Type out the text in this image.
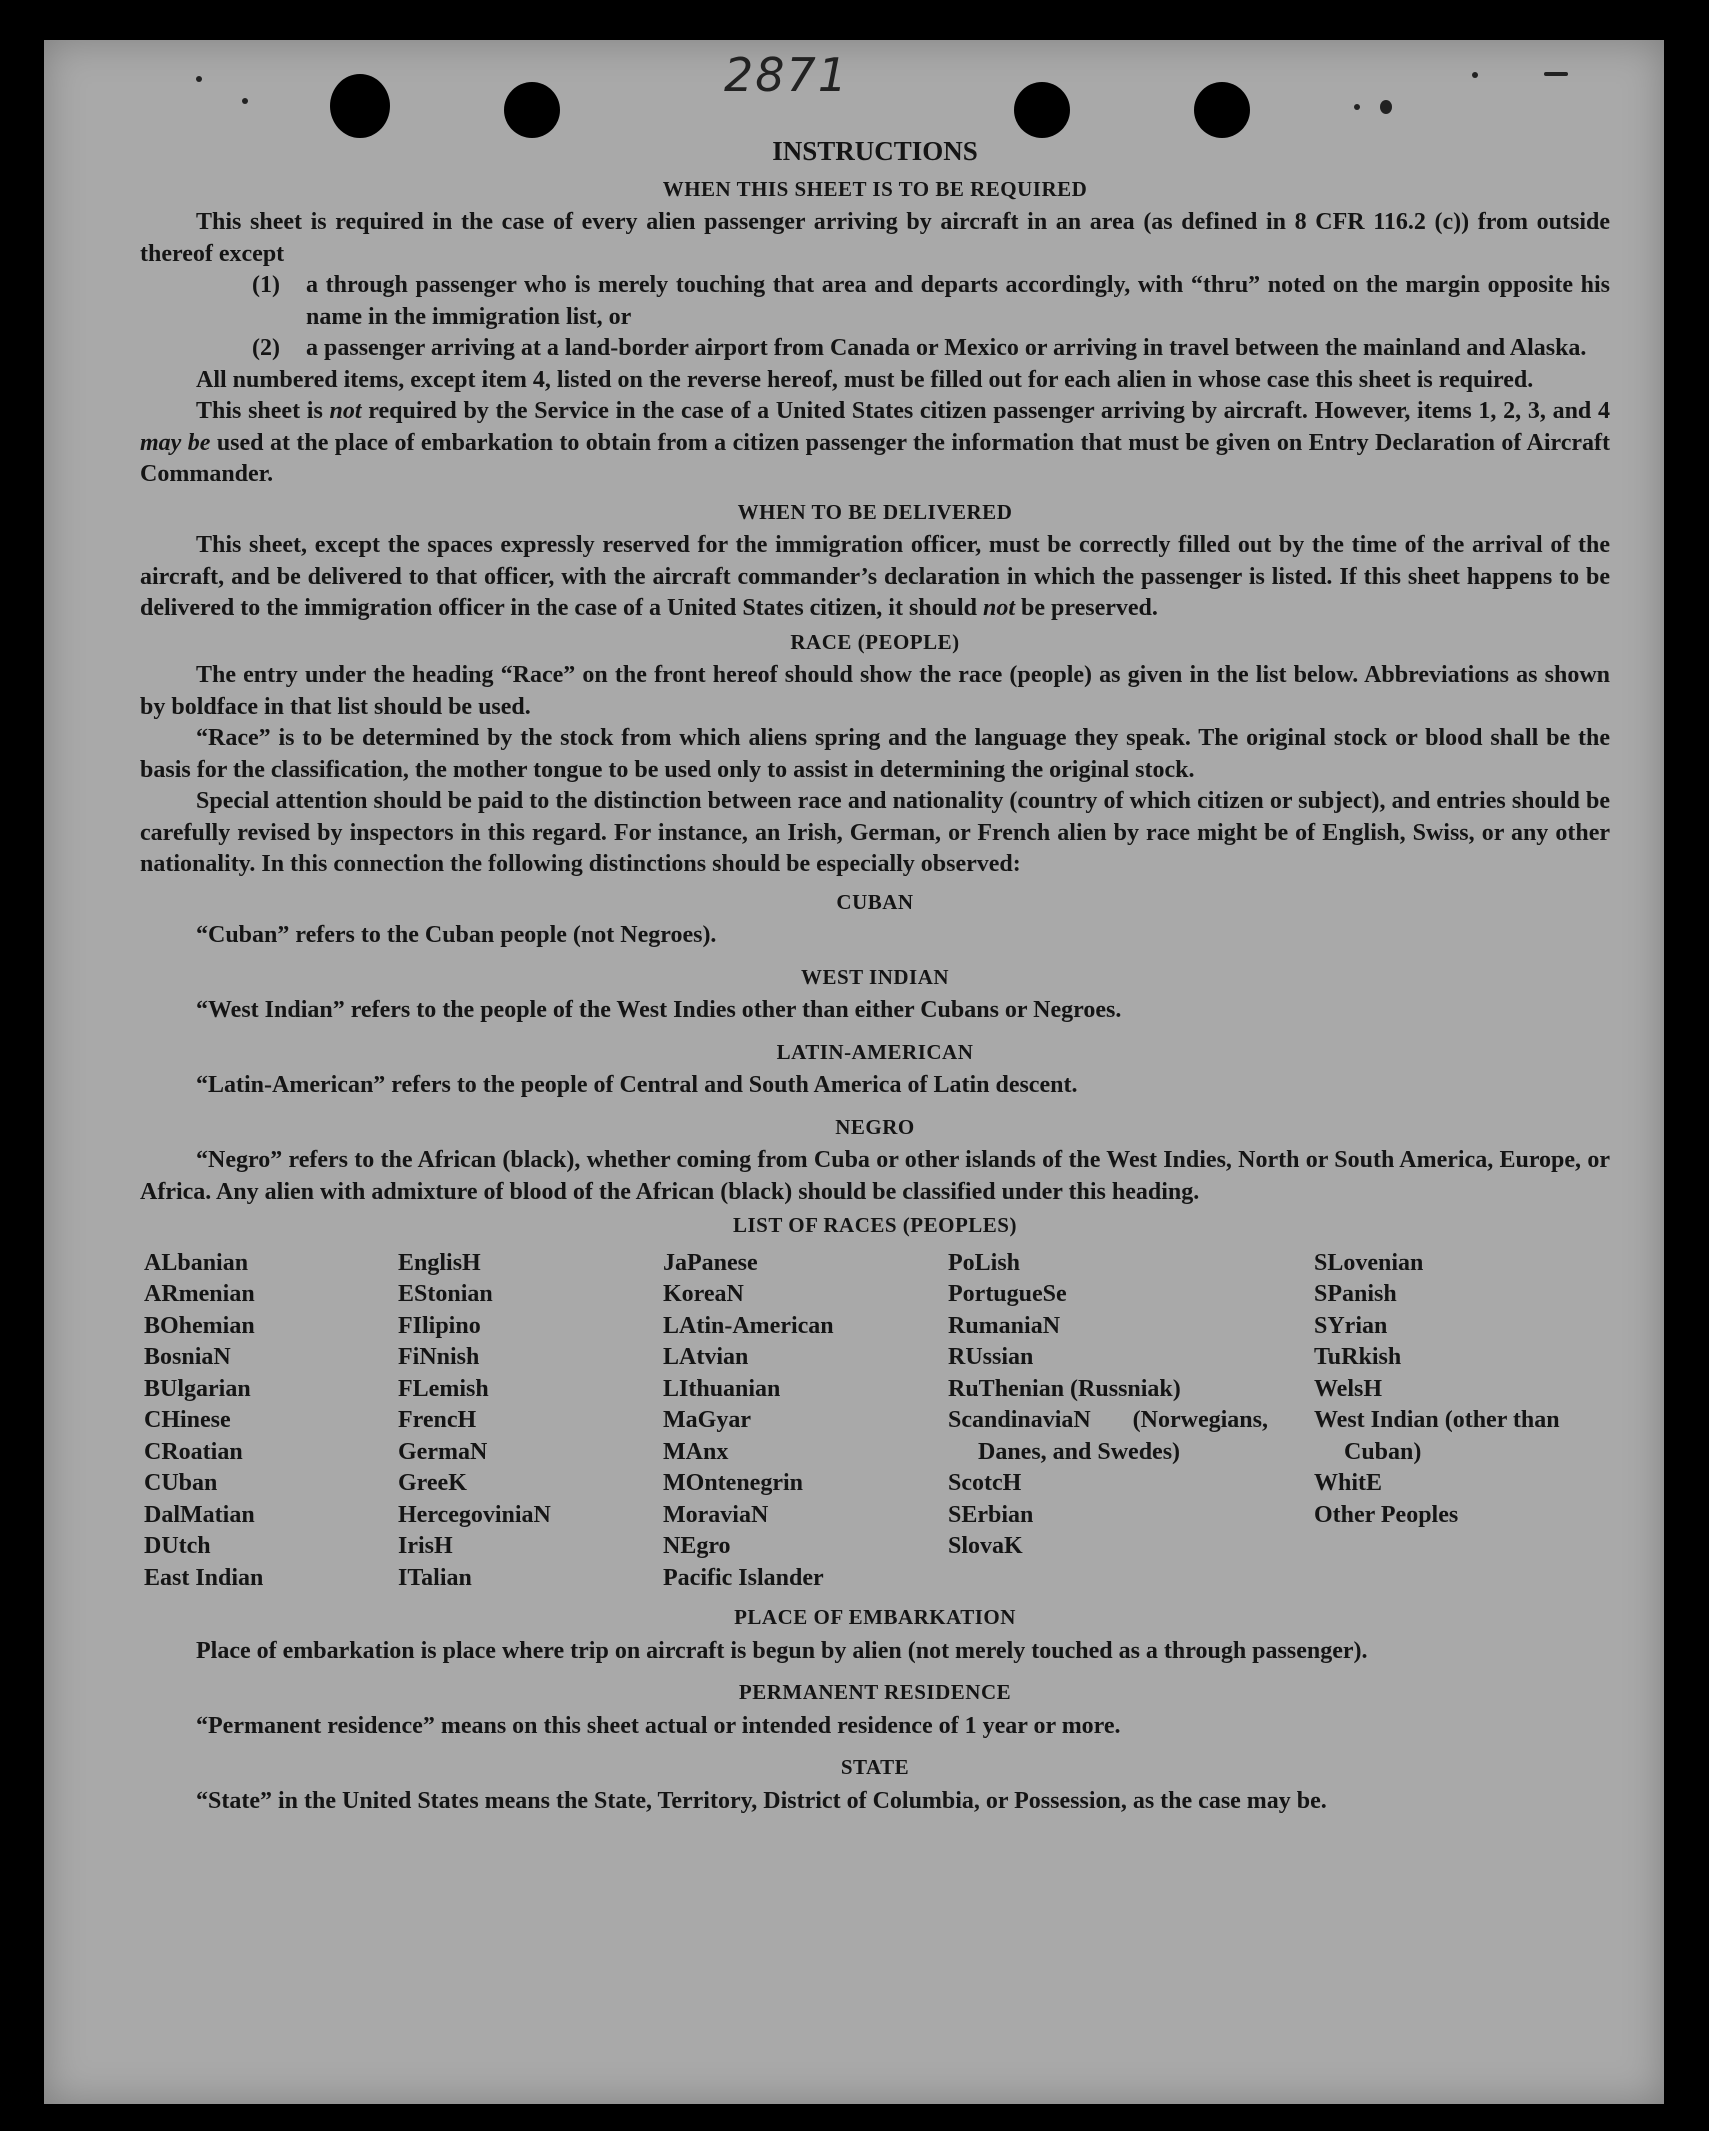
2871
INSTRUCTIONS
WHEN THIS SHEET IS TO BE REQUIRED

This sheet is required in the case of every alien passenger arriving by aircraft in an area (as defined in 8 CFR 116.2 (c)) from outside thereof except

(1)	a through passenger who is merely touching that area and departs accordingly, with “thru” noted on the margin opposite his name in the immigration list, or
(2)	a passenger arriving at a land-border airport from Canada or Mexico or arriving in travel between the mainland and Alaska.

All numbered items, except item 4, listed on the reverse hereof, must be filled out for each alien in whose case this sheet is required.

This sheet is not required by the Service in the case of a United States citizen passenger arriving by aircraft. However, items 1, 2, 3, and 4 may be used at the place of embarkation to obtain from a citizen passenger the information that must be given on Entry Declaration of Aircraft Commander.

WHEN TO BE DELIVERED

This sheet, except the spaces expressly reserved for the immigration officer, must be correctly filled out by the time of the arrival of the aircraft, and be delivered to that officer, with the aircraft commander’s declaration in which the passenger is listed. If this sheet happens to be delivered to the immigration officer in the case of a United States citizen, it should not be preserved.

RACE (PEOPLE)

The entry under the heading “Race” on the front hereof should show the race (people) as given in the list below. Abbreviations as shown by boldface in that list should be used.

“Race” is to be determined by the stock from which aliens spring and the language they speak. The original stock or blood shall be the basis for the classification, the mother tongue to be used only to assist in determining the original stock.

Special attention should be paid to the distinction between race and nationality (country of which citizen or subject), and entries should be carefully revised by inspectors in this regard. For instance, an Irish, German, or French alien by race might be of English, Swiss, or any other nationality. In this connection the following distinctions should be especially observed:

CUBAN

“Cuban” refers to the Cuban people (not Negroes).

WEST INDIAN

“West Indian” refers to the people of the West Indies other than either Cubans or Negroes.

LATIN-AMERICAN

“Latin-American” refers to the people of Central and South America of Latin descent.

NEGRO

“Negro” refers to the African (black), whether coming from Cuba or other islands of the West Indies, North or South America, Europe, or Africa. Any alien with admixture of blood of the African (black) should be classified under this heading.

LIST OF RACES (PEOPLES)
ALbanian
ARmenian
BOhemian
BosniaN
BUlgarian
CHinese
CRoatian
CUban
DalMatian
DUtch
East Indian
EnglisH
EStonian
FIlipino
FiNnish
FLemish
FrencH
GermaN
GreeK
HercegoviniaN
IrisH
ITalian
JaPanese
KoreaN
LAtin-American
LAtvian
LIthuanian
MaGyar
MAnx
MOntenegrin
MoraviaN
NEgro
Pacific Islander
PoLish
PortugueSe
RumaniaN
RUssian
RuThenian (Russniak)
ScandinaviaN (Norwegians, Danes, and Swedes)
ScotcH
SErbian
SlovaK
SLovenian
SPanish
SYrian
TuRkish
WelsH
West Indian (other than Cuban)
WhitE
Other Peoples
PLACE OF EMBARKATION

Place of embarkation is place where trip on aircraft is begun by alien (not merely touched as a through passenger).

PERMANENT RESIDENCE

“Permanent residence” means on this sheet actual or intended residence of 1 year or more.

STATE

“State” in the United States means the State, Territory, District of Columbia, or Possession, as the case may be.
